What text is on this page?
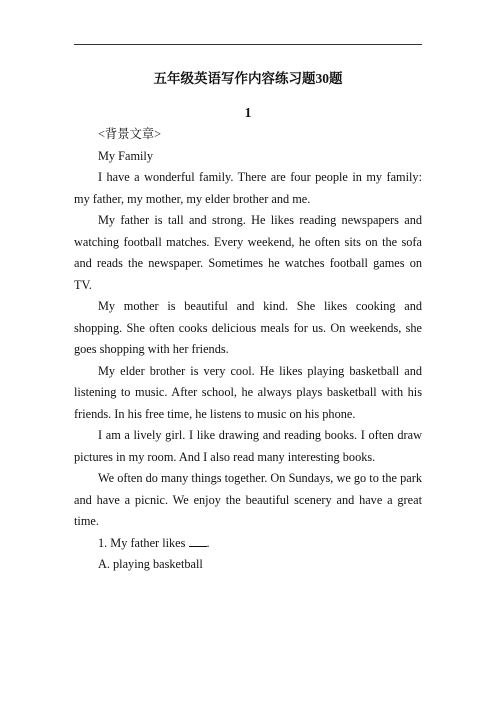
五年级英语写作内容练习题30题
1

<背景文章>

My Family

I have a wonderful family. There are four people in my family: my father, my mother, my elder brother and me.

My father is tall and strong. He likes reading newspapers and watching football matches. Every weekend, he often sits on the sofa and reads the newspaper. Sometimes he watches football games on TV.

My mother is beautiful and kind. She likes cooking and shopping. She often cooks delicious meals for us. On weekends, she goes shopping with her friends.

My elder brother is very cool. He likes playing basketball and listening to music. After school, he always plays basketball with his friends. In his free time, he listens to music on his phone.

I am a lively girl. I like drawing and reading books. I often draw pictures in my room. And I also read many interesting books.

We often do many things together. On Sundays, we go to the park and have a picnic. We enjoy the beautiful scenery and have a great time.

1. My father likes .

A. playing basketball
